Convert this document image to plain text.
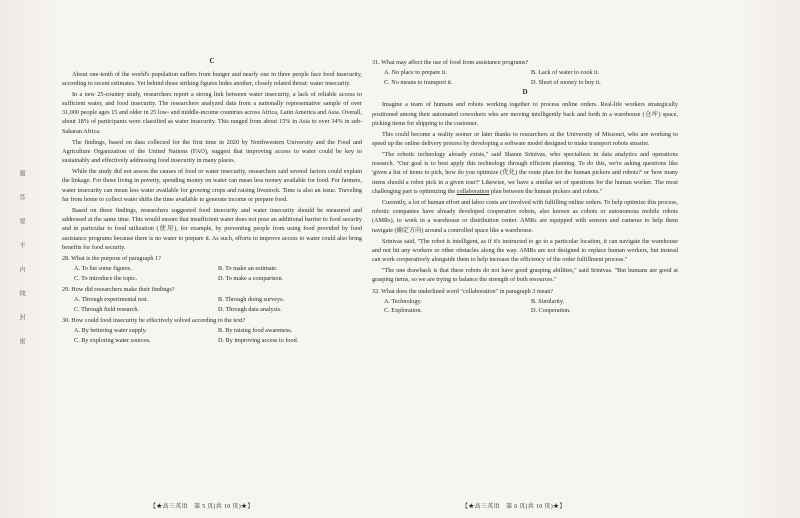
题
答
要
不
内
线
封
密
C

About one-tenth of the world's population suffers from hunger and nearly one in three people face food insecurity, according to recent estimates. Yet behind those striking figures hides another, closely related threat: water insecurity.

In a new 25-country study, researchers report a strong link between water insecurity, a lack of reliable access to sufficient water, and food insecurity. The researchers analyzed data from a nationally representative sample of over 31,000 people ages 15 and older in 25 low- and middle-income countries across Africa, Latin America and Asia. Overall, about 18% of participants were classified as water insecurity. This ranged from about 15% in Asia to over 34% in sub-Saharan Africa.

The findings, based on data collected for the first time in 2020 by Northwestern University and the Food and Agriculture Organization of the United Nations (FAO), suggest that improving access to water could be key to sustainably and effectively addressing food insecurity in many places.

While the study did not assess the causes of food or water insecurity, researchers said several factors could explain the linkage. For those living in poverty, spending money on water can mean less money available for food. For farmers, water insecurity can mean less water available for growing crops and raising livestock. Time is also an issue. Traveling far from home to collect water shifts the time available to generate income or prepare food.

Based on these findings, researchers suggested food insecurity and water insecurity should be measured and addressed at the same time. This would ensure that insufficient water does not pose an additional barrier to food security and in particular to food utilization (使用), for example, by preventing people from using food provided by food assistance programs because there is no water to prepare it. As such, efforts to improve access to water could also bring benefits for food security.

28. What is the purpose of paragraph 1?
A. To list some figures.	B. To make an estimate.
C. To introduce the topic.	D. To make a comparison.
29. How did researchers make their findings?
A. Through experimental test.	B. Through doing surveys.
C. Through field research.	D. Through data analysis.
30. How could food insecurity be effectively solved according to the text?
A. By bettering water supply.	B. By raising food awareness.
C. By exploring water sources.	D. By improving access to food.
31. What may affect the use of food from assistance programs?
A. No place to prepare it.	B. Lack of water to cook it.
C. No means to transport it.	D. Short of money to buy it.
D

Imagine a team of humans and robots working together to process online orders. Real-life workers strategically positioned among their automated coworkers who are moving intelligently back and forth in a warehouse (仓库) space, picking items for shipping to the customer.

This could become a reality sooner or later thanks to researchers at the University of Missouri, who are working to speed up the online delivery process by developing a software model designed to make transport robots smarter.

"The robotic technology already exists," said Sharan Srinivas, who specializes in data analytics and operations research. "Our goal is to best apply this technology through efficient planning. To do this, we're asking questions like 'given a list of items to pick, how do you optimize (优化) the route plan for the human pickers and robots?' or 'how many items should a robot pick in a given tour?' Likewise, we have a similar set of questions for the human worker. The most challenging part is optimizing the collaboration plan between the human pickers and robots."

Currently, a lot of human effort and labor costs are involved with fulfilling online orders. To help optimize this process, robotic companies have already developed cooperative robots, also known as cobots or autonomous mobile robots (AMRs), to work in a warehouse or distribution center. AMRs are equipped with sensors and cameras to help them navigate (确定方向) around a controlled space like a warehouse.

Srinivas said, "The robot is intelligent, as if it's instructed to go to a particular location, it can navigate the warehouse and not hit any workers or other obstacles along the way. AMRs are not designed to replace human workers, but instead can work cooperatively alongside them to help increase the efficiency of the order fulfillment process."

"The one drawback is that these robots do not have good grasping abilities," said Srinivas. "But humans are good at grasping items, so we are trying to balance the strength of both resources."

32. What does the underlined word "collaboration" in paragraph 3 mean?
A. Technology.	B. Similarity.
C. Exploration.	D. Cooperation.
【★高三英语　第 5 页(共 10 页)★】	【★高三英语　第 6 页(共 10 页)★】
